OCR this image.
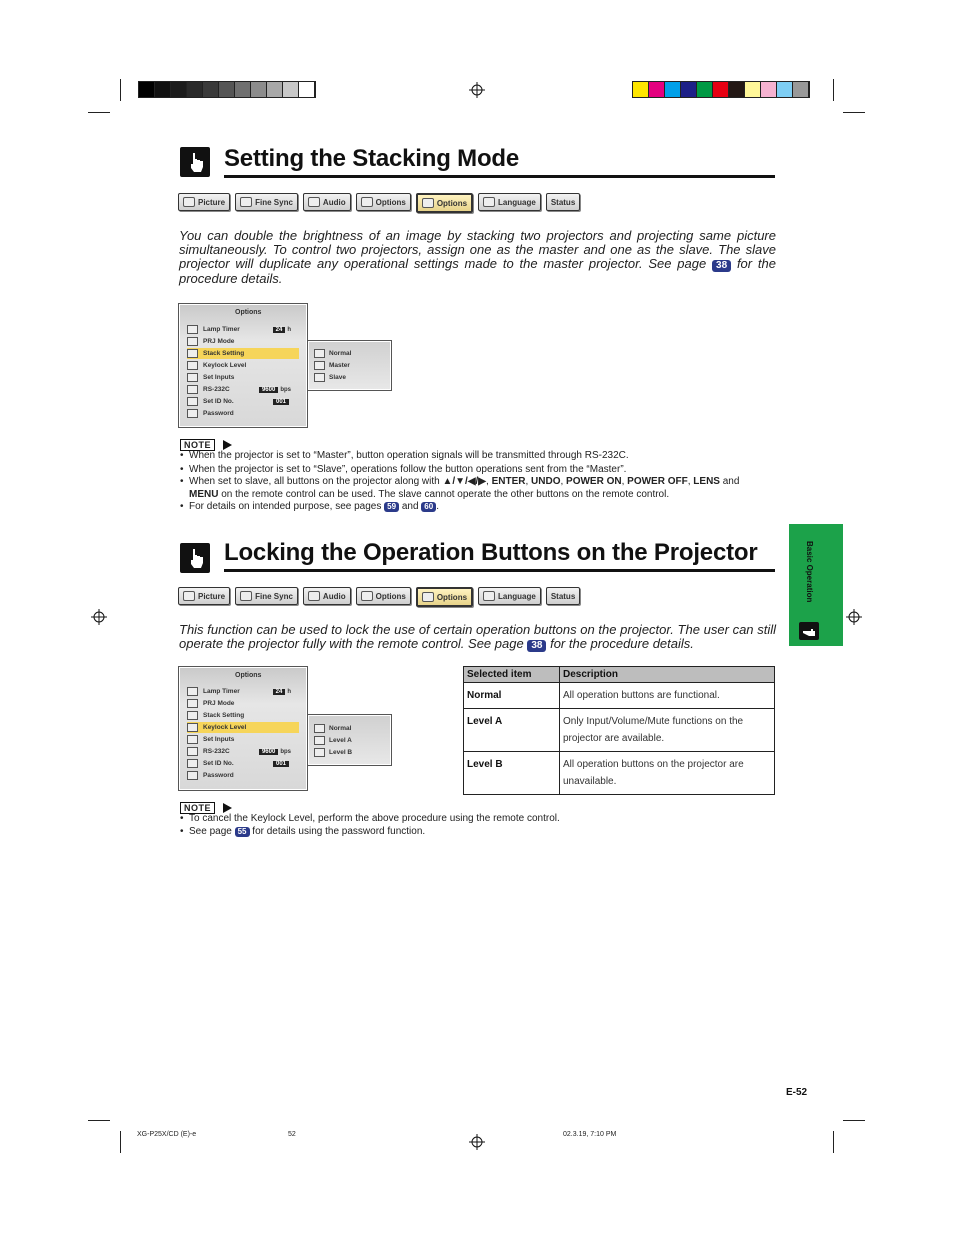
Setting the Stacking Mode
Picture	Fine Sync	Audio	Options	Options	Language Status
You can double the brightness of an image by stacking two projectors and projecting same picture simultaneously. To control two projectors, assign one as the master and one as the slave. The slave projector will duplicate any operational settings made to the master projector. See page 38 for the procedure details.
Options
Lamp Timer	24 h
PRJ Mode
Stack Setting
Keylock Level
Set Inputs
RS-232C	9600 bps
Set ID No.	001
Password
Normal
Master
Slave
NOTE
• When the projector is set to “Master”, button operation signals will be transmitted through RS-232C.
• When the projector is set to “Slave”, operations follow the button operations sent from the “Master”.
• When set to slave, all buttons on the projector along with ▲/▼/◀/▶, ENTER, UNDO, POWER ON, POWER OFF, LENS and
MENU on the remote control can be used. The slave cannot operate the other buttons on the remote control.
• For details on intended purpose, see pages 59 and 60 .
Locking the Operation Buttons on the Projector
Picture	Fine Sync	Audio	Options	Options	Language Status
This function can be used to lock the use of certain operation buttons on the projector. The user can still operate the projector fully with the remote control. See page 38 for the procedure details.
Options
Lamp Timer	24 h
PRJ Mode
Stack Setting
Keylock Level
Set Inputs
RS-232C	9600 bps
Set ID No.	001
Password
Normal
Level A
Level B
Selected item	Description
Normal	All operation buttons are functional.
Level A	Only Input/Volume/Mute functions on the projector are available.
Level B	All operation buttons on the projector are unavailable.
NOTE
• To cancel the Keylock Level, perform the above procedure using the remote control.
• See page 55 for details using the password function.
Basic Operation
E-52
XG-P25X/CD (E)-e	52	02.3.19, 7:10 PM
